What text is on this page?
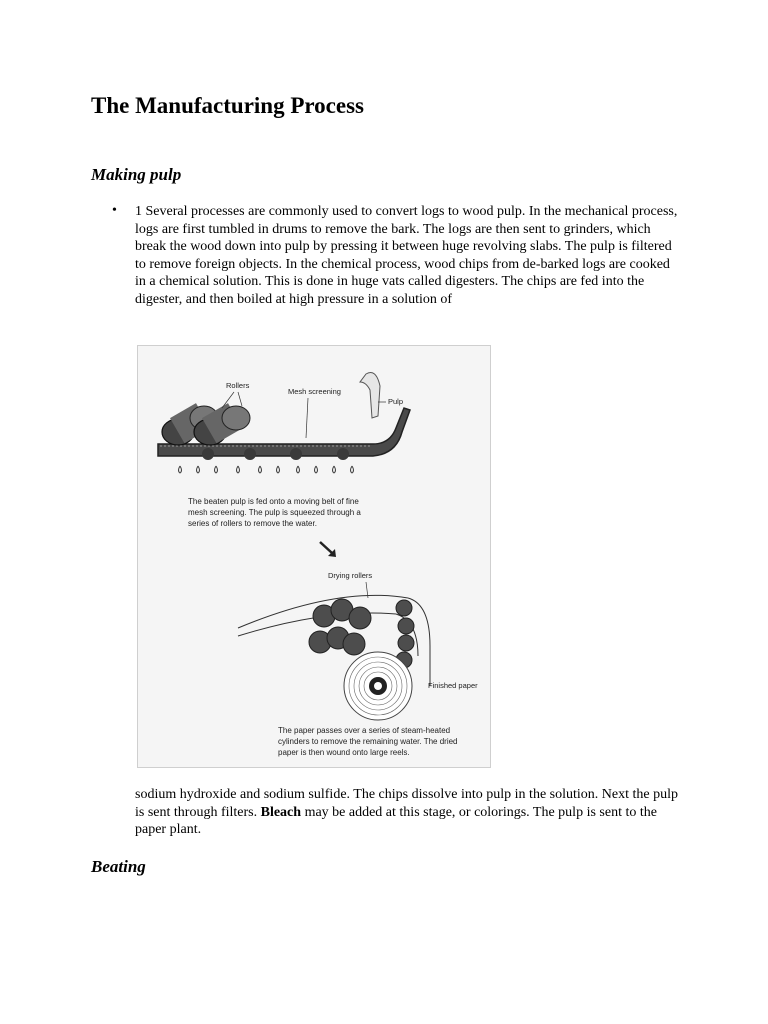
The Manufacturing Process
Making pulp
• 1 Several processes are commonly used to convert logs to wood pulp. In the mechanical process, logs are first tumbled in drums to remove the bark. The logs are then sent to grinders, which break the wood down into pulp by pressing it between huge revolving slabs. The pulp is filtered to remove foreign objects. In the chemical process, wood chips from de-barked logs are cooked in a chemical solution. This is done in huge vats called digesters. The chips are fed into the digester, and then boiled at high pressure in a solution of

Rollers
Mesh screening
Pulp
The beaten pulp is fed onto a moving belt of fine
mesh screening. The pulp is squeezed through a
series of rollers to remove the water.
Drying rollers
Finished paper
The paper passes over a series of steam-heated
cylinders to remove the remaining water. The dried
paper is then wound onto large reels.

sodium hydroxide and sodium sulfide. The chips dissolve into pulp in the solution. Next the pulp is sent through filters. Bleach may be added at this stage, or colorings. The pulp is sent to the paper plant.

Beating
